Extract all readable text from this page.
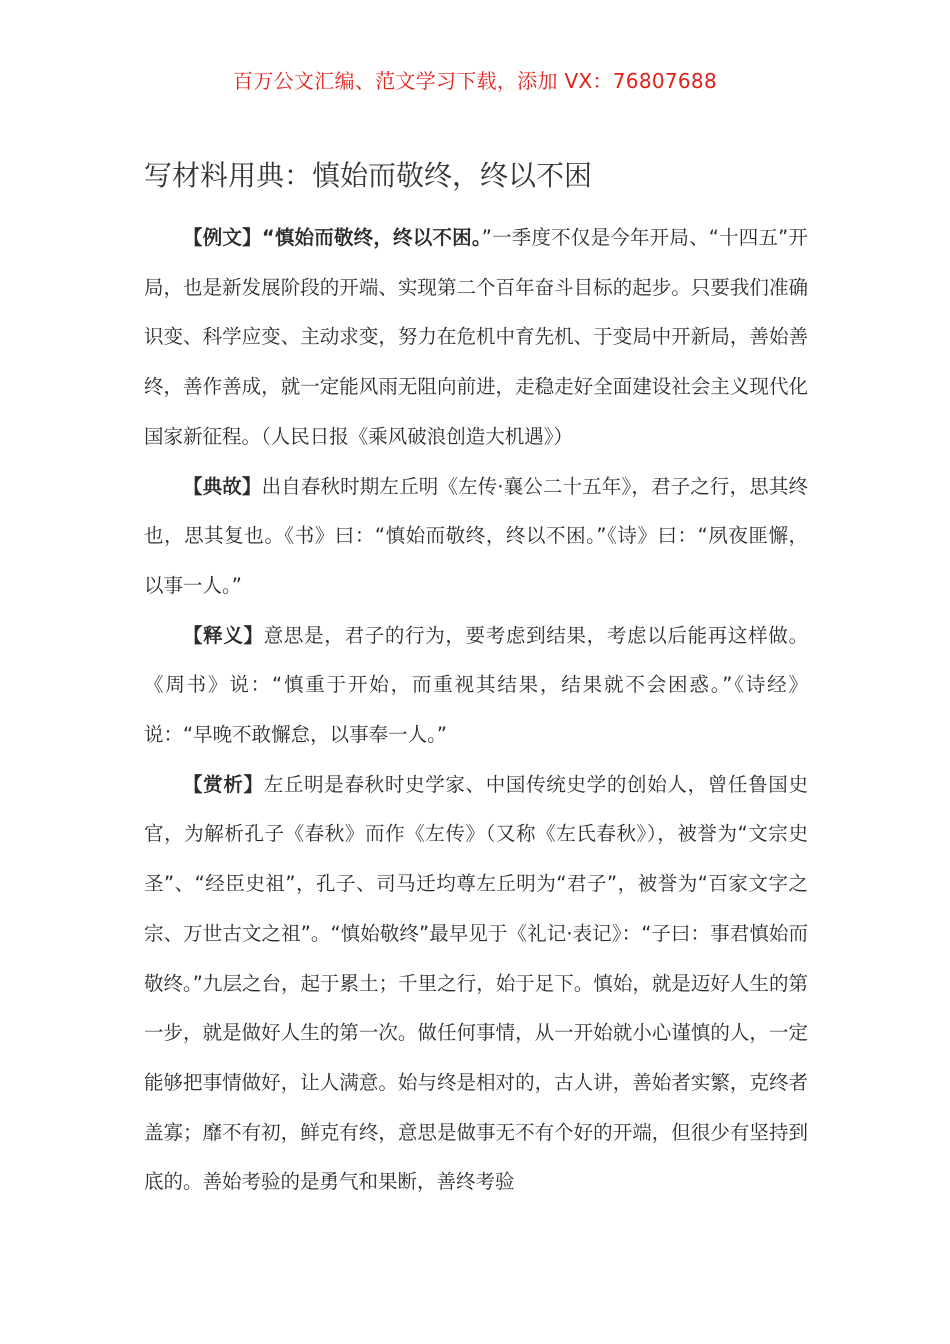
百万公文汇编、范文学习下载，添加 VX：76807688
写材料用典：慎始而敬终，终以不困

【例文】“慎始而敬终，终以不困。”一季度不仅是今年开局、“十四五”开局，也是新发展阶段的开端、实现第二个百年奋斗目标的起步。只要我们准确识变、科学应变、主动求变，努力在危机中育先机、于变局中开新局，善始善终，善作善成，就一定能风雨无阻向前进，走稳走好全面建设社会主义现代化国家新征程。（人民日报《乘风破浪创造大机遇》）

【典故】出自春秋时期左丘明《左传·襄公二十五年》，君子之行，思其终也，思其复也。《书》曰：“慎始而敬终，终以不困。”《诗》曰：“夙夜匪懈，以事一人。”

【释义】意思是，君子的行为，要考虑到结果，考虑以后能再这样做。《周书》说：“慎重于开始，而重视其结果，结果就不会困惑。”《诗经》说：“早晚不敢懈怠，以事奉一人。”

【赏析】左丘明是春秋时史学家、中国传统史学的创始人，曾任鲁国史官，为解析孔子《春秋》而作《左传》（又称《左氏春秋》），被誉为“文宗史圣”、“经臣史祖”，孔子、司马迁均尊左丘明为“君子”，被誉为“百家文字之宗、万世古文之祖”。“慎始敬终”最早见于《礼记·表记》：“子曰：事君慎始而敬终。”九层之台，起于累土；千里之行，始于足下。慎始，就是迈好人生的第一步，就是做好人生的第一次。做任何事情，从一开始就小心谨慎的人，一定能够把事情做好，让人满意。始与终是相对的，古人讲，善始者实繁，克终者盖寡；靡不有初，鲜克有终，意思是做事无不有个好的开端，但很少有坚持到底的。善始考验的是勇气和果断，善终考验
